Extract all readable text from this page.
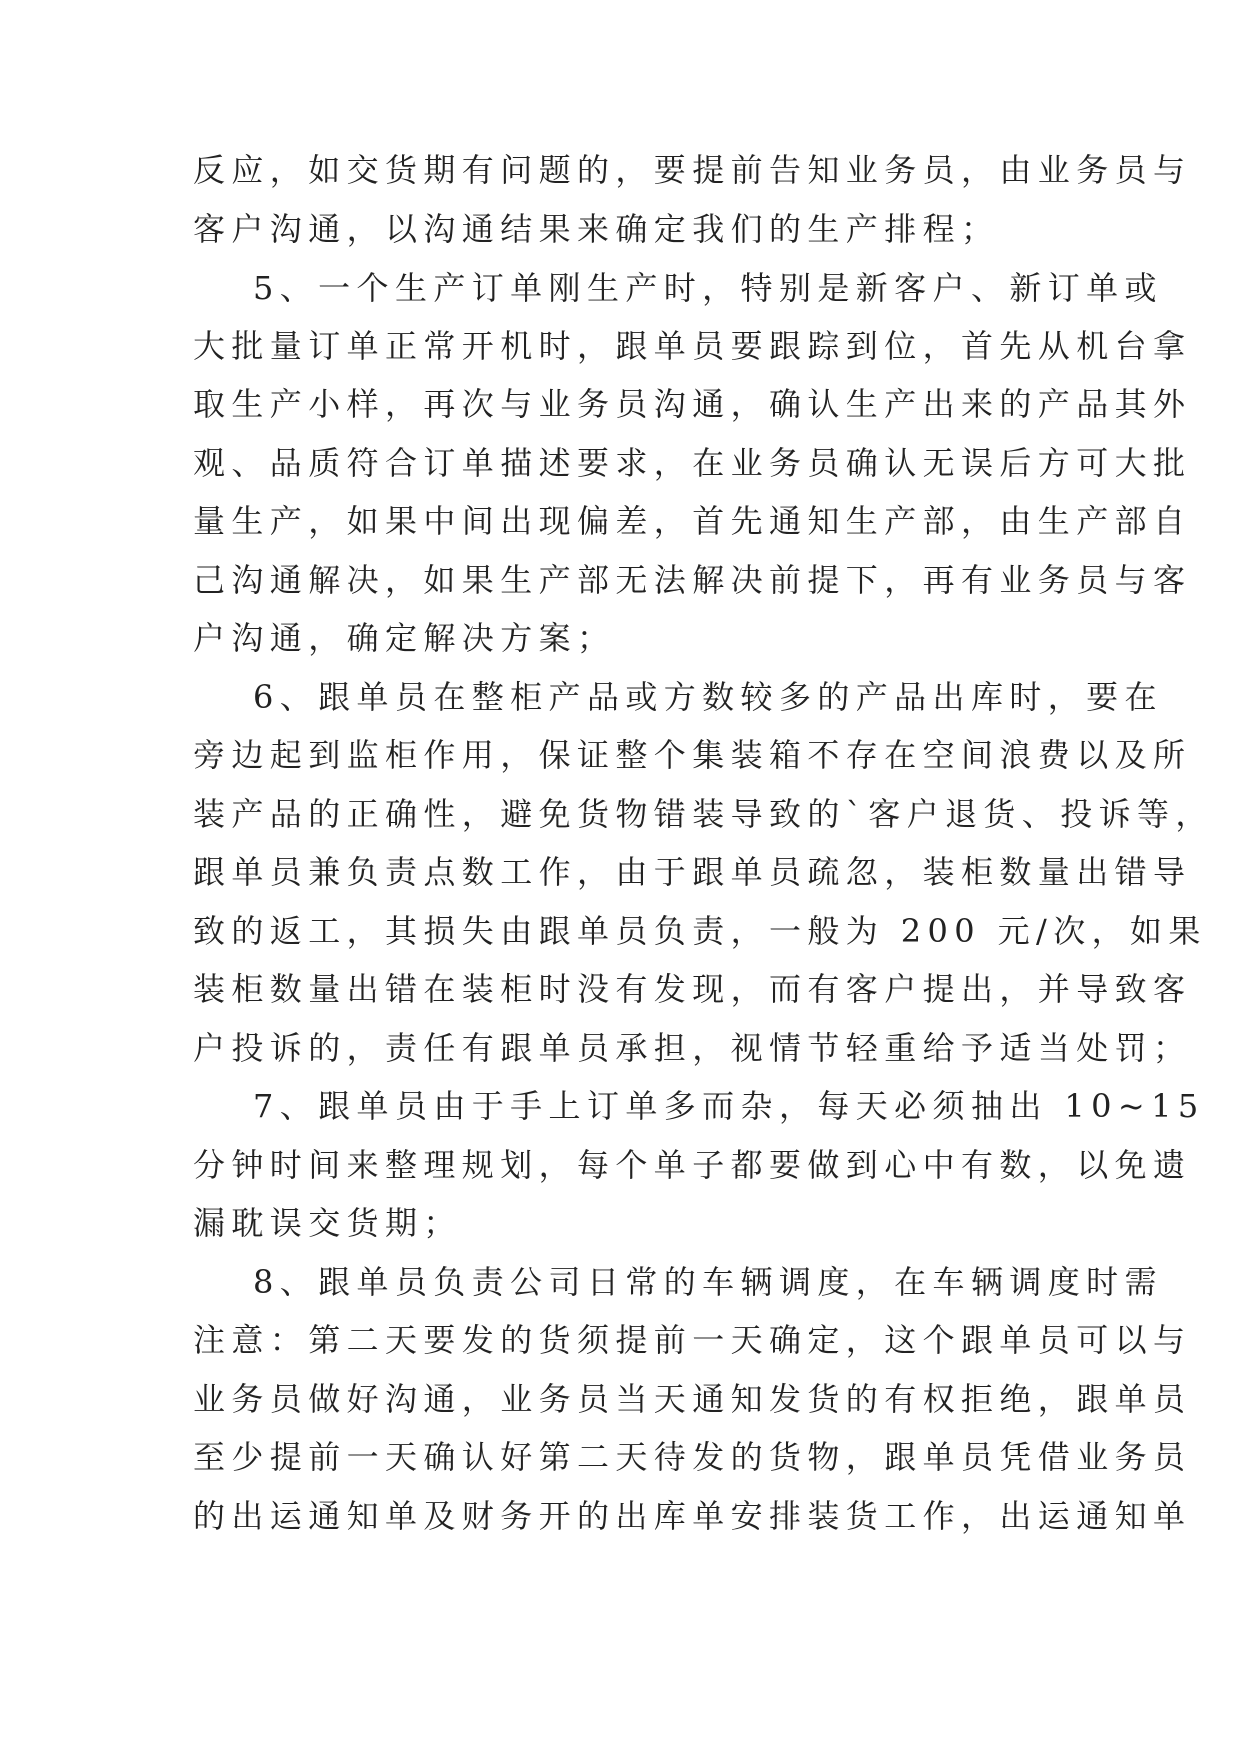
反应，如交货期有问题的，要提前告知业务员，由业务员与
客户沟通，以沟通结果来确定我们的生产排程；
5、一个生产订单刚生产时，特别是新客户、新订单或
大批量订单正常开机时，跟单员要跟踪到位，首先从机台拿
取生产小样，再次与业务员沟通，确认生产出来的产品其外
观、品质符合订单描述要求，在业务员确认无误后方可大批
量生产，如果中间出现偏差，首先通知生产部，由生产部自
己沟通解决，如果生产部无法解决前提下，再有业务员与客
户沟通，确定解决方案；
6、跟单员在整柜产品或方数较多的产品出库时，要在
旁边起到监柜作用，保证整个集装箱不存在空间浪费以及所
装产品的正确性，避免货物错装导致的`客户退货、投诉等，
跟单员兼负责点数工作，由于跟单员疏忽，装柜数量出错导
致的返工，其损失由跟单员负责，一般为 200 元/次，如果
装柜数量出错在装柜时没有发现，而有客户提出，并导致客
户投诉的，责任有跟单员承担，视情节轻重给予适当处罚；
7、跟单员由于手上订单多而杂，每天必须抽出 10~15
分钟时间来整理规划，每个单子都要做到心中有数，以免遗
漏耽误交货期；
8、跟单员负责公司日常的车辆调度，在车辆调度时需
注意：第二天要发的货须提前一天确定，这个跟单员可以与
业务员做好沟通，业务员当天通知发货的有权拒绝，跟单员
至少提前一天确认好第二天待发的货物，跟单员凭借业务员
的出运通知单及财务开的出库单安排装货工作，出运通知单
